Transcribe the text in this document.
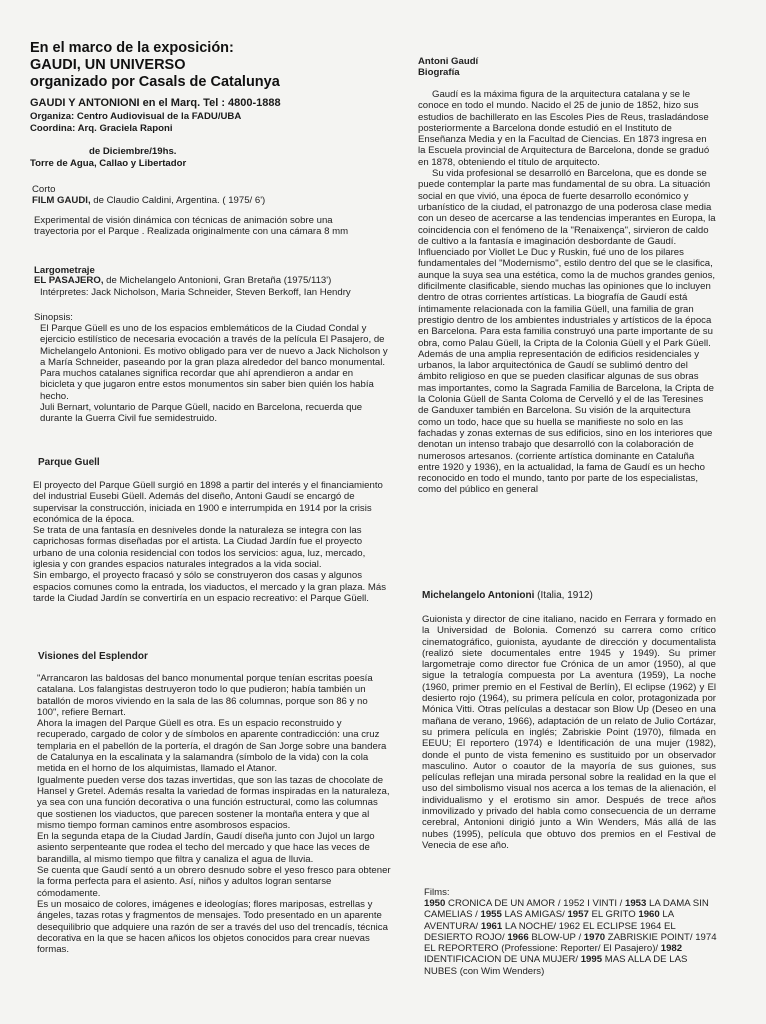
En el marco de la exposición:
GAUDI, UN UNIVERSO
organizado por Casals de Catalunya
GAUDI Y ANTONIONI en el Marq. Tel : 4800-1888
Organiza: Centro Audiovisual de la FADU/UBA
Coordina: Arq. Graciela Raponi
de Diciembre/19hs.
Torre de Agua, Callao y Libertador
Corto
FILM GAUDI, de Claudio Caldini, Argentina. ( 1975/ 6')
Experimental de visión dinámica con técnicas de animación sobre una trayectoria por el Parque . Realizada originalmente con una cámara 8 mm
Largometraje
EL PASAJERO, de Michelangelo Antonioni, Gran Bretaña (1975/113')
Intérpretes: Jack Nicholson, Maria Schneider, Steven Berkoff, Ian Hendry
Sinopsis:

El Parque Güell es uno de los espacios emblemáticos de la Ciudad Condal y ejercicio estilístico de necesaria evocación a través de la película El Pasajero, de Michelangelo Antonioni. Es motivo obligado para ver de nuevo a Jack Nicholson y a María Schneider, paseando por la gran plaza alrededor del banco monumental.

Para muchos catalanes significa recordar que ahí aprendieron a andar en bicicleta y que jugaron entre estos monumentos sin saber bien quién los había hecho.

Juli Bernart, voluntario de Parque Güell, nacido en Barcelona, recuerda que durante la Guerra Civil fue semidestruido.

Parque Guell

El proyecto del Parque Güell surgió en 1898 a partir del interés y el financiamiento del industrial Eusebi Güell. Además del diseño, Antoni Gaudí se encargó de supervisar la construcción, iniciada en 1900 e interrumpida en 1914 por la crisis económica de la época.

Se trata de una fantasía en desniveles donde la naturaleza se integra con las caprichosas formas diseñadas por el artista. La Ciudad Jardín fue el proyecto urbano de una colonia residencial con todos los servicios: agua, luz, mercado, iglesia y con grandes espacios naturales integrados a la vida social.

Sin embargo, el proyecto fracasó y sólo se construyeron dos casas y algunos espacios comunes como la entrada, los viaductos, el mercado y la gran plaza. Más tarde la Ciudad Jardín se convertiría en un espacio recreativo: el Parque Güell.

Visiones del Esplendor

"Arrancaron las baldosas del banco monumental porque tenían escritas poesía catalana. Los falangistas destruyeron todo lo que pudieron; había también un batallón de moros viviendo en la sala de las 86 columnas, porque son 86 y no 100", refiere Bernart.

Ahora la imagen del Parque Güell es otra. Es un espacio reconstruido y recuperado, cargado de color y de símbolos en aparente contradicción: una cruz templaria en el pabellón de la portería, el dragón de San Jorge sobre una bandera de Catalunya en la escalinata y la salamandra (símbolo de la vida) con la cola metida en el horno de los alquimistas, llamado el Atanor.

Igualmente pueden verse dos tazas invertidas, que son las tazas de chocolate de Hansel y Gretel. Además resalta la variedad de formas inspiradas en la naturaleza, ya sea con una función decorativa o una función estructural, como las columnas que sostienen los viaductos, que parecen sostener la montaña entera y que al mismo tiempo forman caminos entre asombrosos espacios.

En la segunda etapa de la Ciudad Jardín, Gaudí diseña junto con Jujol un largo asiento serpenteante que rodea el techo del mercado y que hace las veces de barandilla, al mismo tiempo que filtra y canaliza el agua de lluvia.

Se cuenta que Gaudí sentó a un obrero desnudo sobre el yeso fresco para obtener la forma perfecta para el asiento. Así, niños y adultos logran sentarse cómodamente.

Es un mosaico de colores, imágenes e ideologías; flores mariposas, estrellas y ángeles, tazas rotas y fragmentos de mensajes. Todo presentado en un aparente desequilibrio que adquiere una razón de ser a través del uso del trencadís, técnica decorativa en la que se hacen añicos los objetos conocidos para crear nuevas formas.

Antoni Gaudí
Biografía

Gaudí es la máxima figura de la arquitectura catalana y se le conoce en todo el mundo. Nacido el 25 de junio de 1852, hizo sus estudios de bachillerato en las Escoles Pies de Reus, trasladándose posteriormente a Barcelona donde estudió en el Instituto de Enseñanza Media y en la Facultad de Ciencias. En 1873 ingresa en la Escuela provincial de Arquitectura de Barcelona, donde se graduó en 1878, obteniendo el título de arquitecto.

Su vida profesional se desarrolló en Barcelona, que es donde se puede contemplar la parte mas fundamental de su obra. La situación social en que vivió, una época de fuerte desarrollo económico y urbanístico de la ciudad, el patronazgo de una poderosa clase media con un deseo de acercarse a las tendencias imperantes en Europa, la coincidencia con el fenómeno de la "Renaixença", sirvieron de caldo de cultivo a la fantasía e imaginación desbordante de Gaudí. Influenciado por Viollet Le Duc y Ruskin, fué uno de los pilares fundamentales del "Modernismo", estilo dentro del que se le clasifica, aunque la suya sea una estética, como la de muchos grandes genios, dificilmente clasificable, siendo muchas las opiniones que lo incluyen dentro de otras corrientes artísticas. La biografía de Gaudí está íntimamente relacionada con la familia Güell, una familia de gran prestigio dentro de los ambientes industriales y artísticos de la época en Barcelona. Para esta familia construyó una parte importante de su obra, como Palau Güell, la Cripta de la Colonia Güell y el Park Güell.

Además de una amplia representación de edificios residenciales y urbanos, la labor arquitectónica de Gaudí se sublimó dentro del ámbito religioso en que se pueden clasificar algunas de sus obras mas importantes, como la Sagrada Familia de Barcelona, la Cripta de la Colonia Güell de Santa Coloma de Cervelló y el de las Teresines de Ganduxer también en Barcelona. Su visión de la arquitectura como un todo, hace que su huella se manifieste no solo en las fachadas y zonas externas de sus edificios, sino en los interiores que denotan un intenso trabajo que desarrolló con la colaboración de numerosos artesanos. (corriente artística dominante en Cataluña entre 1920 y 1936), en la actualidad, la fama de Gaudí es un hecho reconocido en todo el mundo, tanto por parte de los especialistas, como del público en general

Michelangelo Antonioni (Italia, 1912)

Guionista y director de cine italiano, nacido en Ferrara y formado en la Universidad de Bolonia. Comenzó su carrera como crítico cinematográfico, guionista, ayudante de dirección y documentalista (realizó siete documentales entre 1945 y 1949). Su primer largometraje como director fue Crónica de un amor (1950), al que sigue la tetralogía compuesta por La aventura (1959), La noche (1960, primer premio en el Festival de Berlín), El eclipse (1962) y El desierto rojo (1964), su primera película en color, protagonizada por Mónica Vitti. Otras películas a destacar son Blow Up (Deseo en una mañana de verano, 1966), adaptación de un relato de Julio Cortázar, su primera película en inglés; Zabriskie Point (1970), filmada en EEUU; El reportero (1974) e Identificación de una mujer (1982), donde el punto de vista femenino es sustituido por un observador masculino. Autor o coautor de la mayoría de sus guiones, sus películas reflejan una mirada personal sobre la realidad en la que el uso del simbolismo visual nos acerca a los temas de la alienación, el individualismo y el erotismo sin amor. Después de trece años inmovilizado y privado del habla como consecuencia de un derrame cerebral, Antonioni dirigió junto a Win Wenders, Más allá de las nubes (1995), película que obtuvo dos premios en el Festival de Venecia de ese año.

Films:
1950 CRONICA DE UN AMOR / 1952 I VINTI / 1953 LA DAMA SIN CAMELIAS / 1955 LAS AMIGAS/ 1957 EL GRITO 1960 LA AVENTURA/ 1961 LA NOCHE/ 1962 EL ECLIPSE 1964 EL DESIERTO ROJO/ 1966 BLOW-UP / 1970 ZABRISKIE POINT/ 1974 EL REPORTERO (Professione: Reporter/ El Pasajero)/ 1982 IDENTIFICACION DE UNA MUJER/ 1995 MAS ALLA DE LAS NUBES (con Wim Wenders)
